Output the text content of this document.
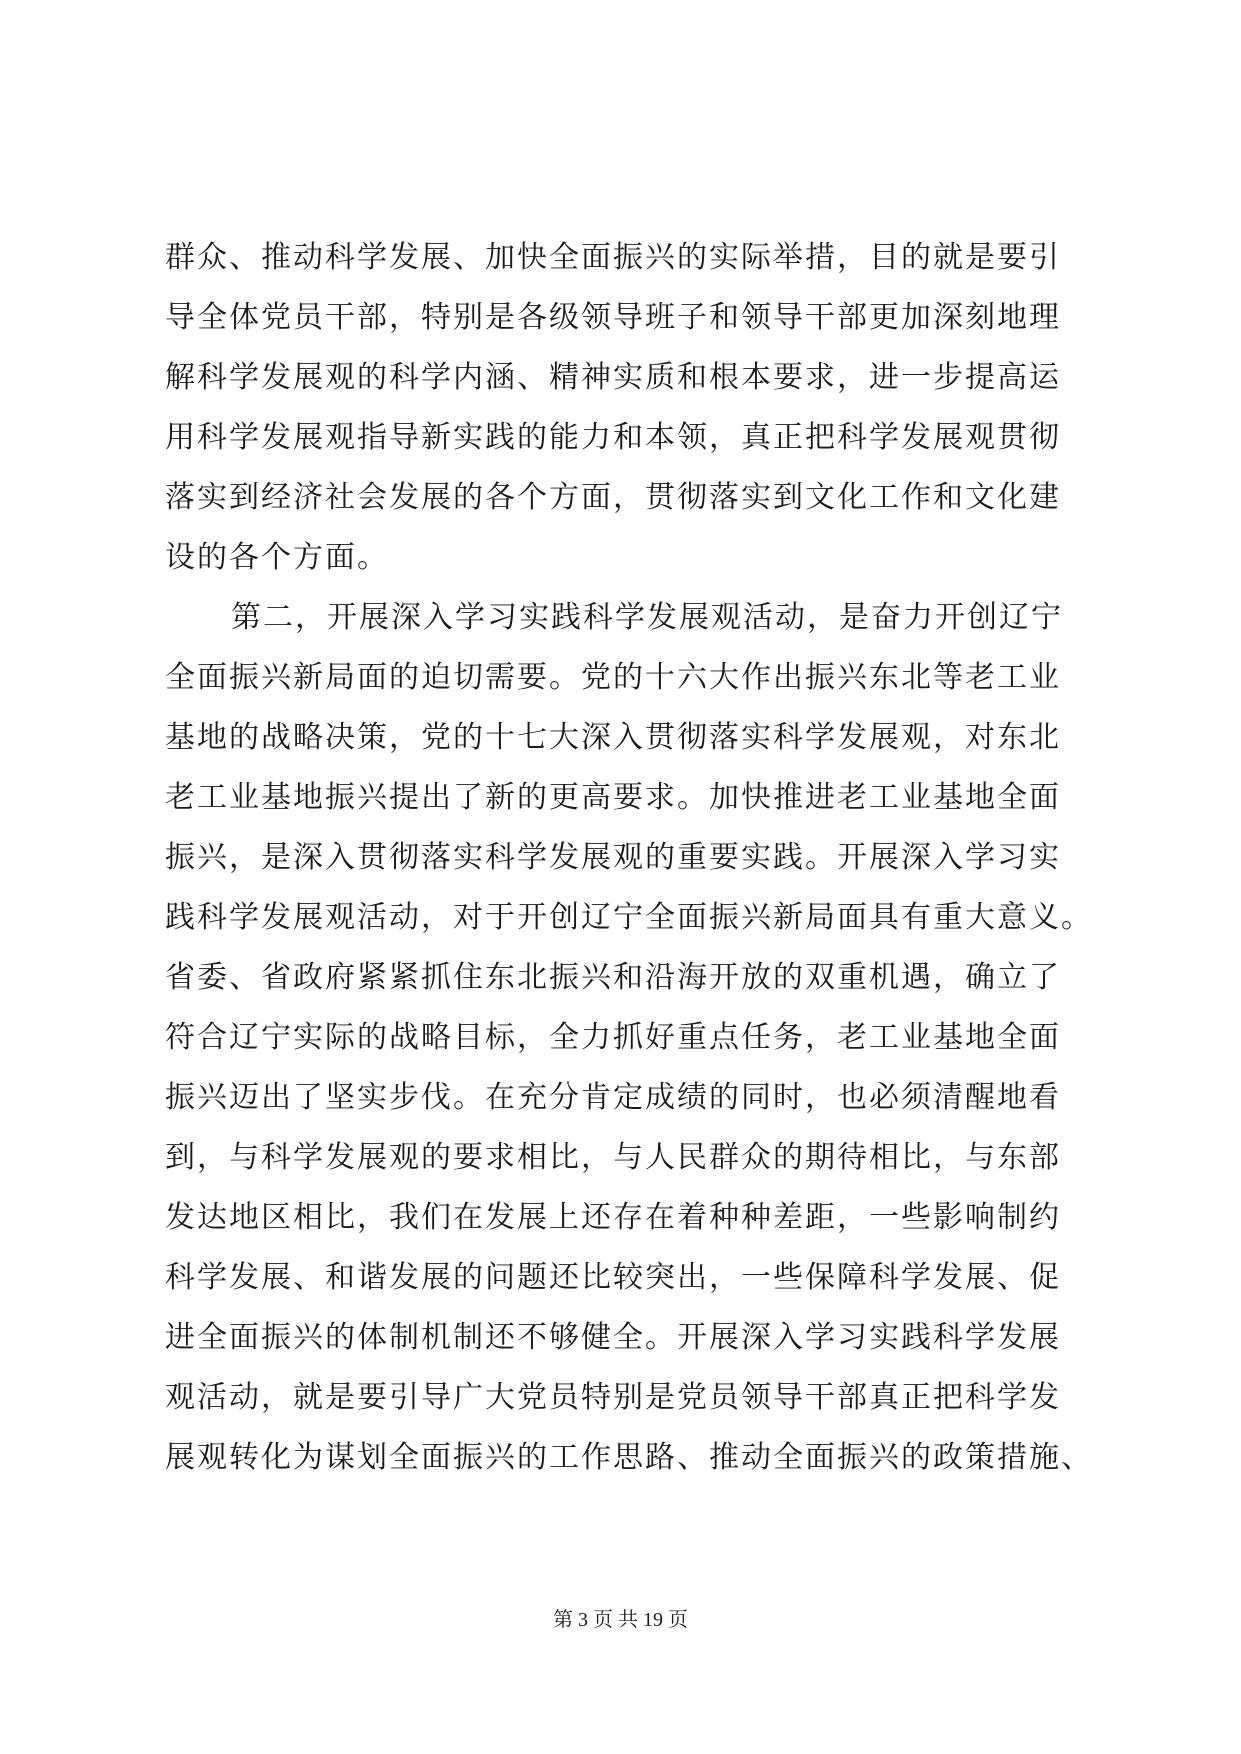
群众、推动科学发展、加快全面振兴的实际举措，目的就是要引
导全体党员干部，特别是各级领导班子和领导干部更加深刻地理
解科学发展观的科学内涵、精神实质和根本要求，进一步提高运
用科学发展观指导新实践的能力和本领，真正把科学发展观贯彻
落实到经济社会发展的各个方面，贯彻落实到文化工作和文化建
设的各个方面。
第二，开展深入学习实践科学发展观活动，是奋力开创辽宁
全面振兴新局面的迫切需要。党的十六大作出振兴东北等老工业
基地的战略决策，党的十七大深入贯彻落实科学发展观，对东北
老工业基地振兴提出了新的更高要求。加快推进老工业基地全面
振兴，是深入贯彻落实科学发展观的重要实践。开展深入学习实
践科学发展观活动，对于开创辽宁全面振兴新局面具有重大意义。
省委、省政府紧紧抓住东北振兴和沿海开放的双重机遇，确立了
符合辽宁实际的战略目标，全力抓好重点任务，老工业基地全面
振兴迈出了坚实步伐。在充分肯定成绩的同时，也必须清醒地看
到，与科学发展观的要求相比，与人民群众的期待相比，与东部
发达地区相比，我们在发展上还存在着种种差距，一些影响制约
科学发展、和谐发展的问题还比较突出，一些保障科学发展、促
进全面振兴的体制机制还不够健全。开展深入学习实践科学发展
观活动，就是要引导广大党员特别是党员领导干部真正把科学发
展观转化为谋划全面振兴的工作思路、推动全面振兴的政策措施、
第 3 页 共 19 页
